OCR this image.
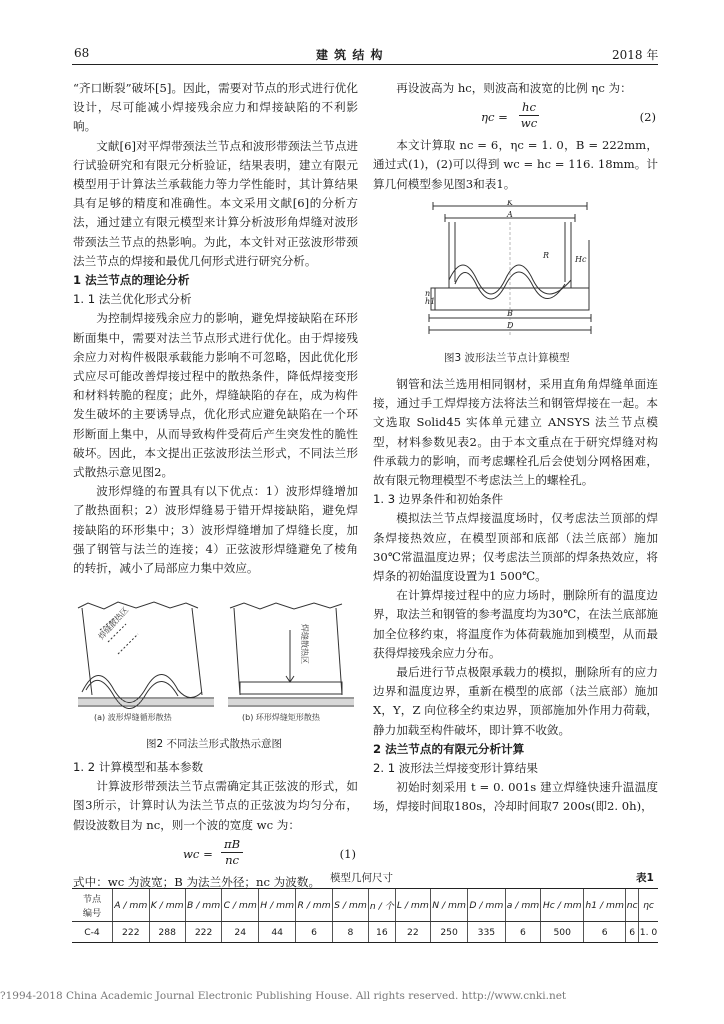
68	建 筑 结 构	2018 年

“齐口断裂”破坏[5]。因此，需要对节点的形式进行优化设计，尽可能减小焊接残余应力和焊接缺陷的不利影响。

文献[6]对平焊带颈法兰节点和波形带颈法兰节点进行试验研究和有限元分析验证，结果表明，建立有限元模型用于计算法兰承载能力等力学性能时，其计算结果具有足够的精度和准确性。本文采用文献[6]的分析方法，通过建立有限元模型来计算分析波形角焊缝对波形带颈法兰节点的热影响。为此，本文针对正弦波形带颈法兰节点的焊接和最优几何形式进行研究分析。

1 法兰节点的理论分析
1. 1 法兰优化形式分析

为控制焊接残余应力的影响，避免焊接缺陷在环形断面集中，需要对法兰节点形式进行优化。由于焊接残余应力对构件极限承载能力影响不可忽略，因此优化形式应尽可能改善焊接过程中的散热条件，降低焊接变形和材料转脆的程度；此外，焊缝缺陷的存在，成为构件发生破坏的主要诱导点，优化形式应避免缺陷在一个环形断面上集中，从而导致构件受荷后产生突发性的脆性破坏。因此，本文提出正弦波形法兰形式，不同法兰形式散热示意见图2。

波形焊缝的布置具有以下优点：1）波形焊缝增加了散热面积；2）波形焊缝易于错开焊接缺陷，避免焊接缺陷的环形集中；3）波形焊缝增加了焊缝长度，加强了钢管与法兰的连接；4）正弦波形焊缝避免了棱角的转折，减小了局部应力集中效应。

焊缝散热区
焊缝散热区
(a) 波形焊缝循形散热	(b) 环形焊缝矩形散热
图2 不同法兰形式散热示意图
1. 2 计算模型和基本参数

计算波形带颈法兰节点需确定其正弦波的形式，如图3所示，计算时认为法兰节点的正弦波为均匀分布，假设波数目为 nc，则一个波的宽度 wc 为：

wc = $\frac{\pi B}{nc}$	(1)

式中：wc 为波宽；B 为法兰外径；nc 为波数。

再设波高为 hc，则波高和波宽的比例 ηc 为：

$\eta c = \frac{hc}{wc}$	(2)

本文计算取 nc = 6，ηc = 1. 0，B = 222mm，通过式(1)，(2)可以得到 wc = hc = 116. 18mm。计算几何模型参见图3和表1。

K
A
Hc
n
h1
R
B
D
图3 波形法兰节点计算模型

钢管和法兰选用相同钢材，采用直角角焊缝单面连接，通过手工焊焊接方法将法兰和钢管焊接在一起。本文选取 Solid45 实体单元建立 ANSYS 法兰节点模型，材料参数见表2。由于本文重点在于研究焊缝对构件承载力的影响，而考虑螺栓孔后会使划分网格困难，故有限元物理模型不考虑法兰上的螺栓孔。

1. 3 边界条件和初始条件

模拟法兰节点焊接温度场时，仅考虑法兰顶部的焊条焊接热效应，在模型顶部和底部（法兰底部）施加30℃常温温度边界；仅考虑法兰顶部的焊条热效应，将焊条的初始温度设置为1 500℃。

在计算焊接过程中的应力场时，删除所有的温度边界，取法兰和钢管的参考温度均为30℃，在法兰底部施加全位移约束，将温度作为体荷载施加到模型，从而最获得焊接残余应力分布。

最后进行节点极限承载力的模拟，删除所有的应力边界和温度边界，重新在模型的底部（法兰底部）施加 X，Y，Z 向位移全约束边界，顶部施加外作用力荷载，静力加载至构件破坏，即计算不收敛。

2 法兰节点的有限元分析计算
2. 1 波形法兰焊接变形计算结果

初始时刻采用 t = 0. 001s 建立焊缝快速升温温度场，焊接时间取180s，冷却时间取7 200s(即2. 0h)，

模型几何尺寸	表1
节点
编号	A / mm	K / mm	B / mm	C / mm	H / mm	R / mm	S / mm	n / 个	L / mm	N / mm	D / mm	a / mm	Hc / mm	h1 / mm	nc	ηc
C-4	222	288	222	24	44	6	8	16	22	250	335	6	500	6	6	1. 0
?1994-2018 China Academic Journal Electronic Publishing House. All rights reserved. http://www.cnki.net
